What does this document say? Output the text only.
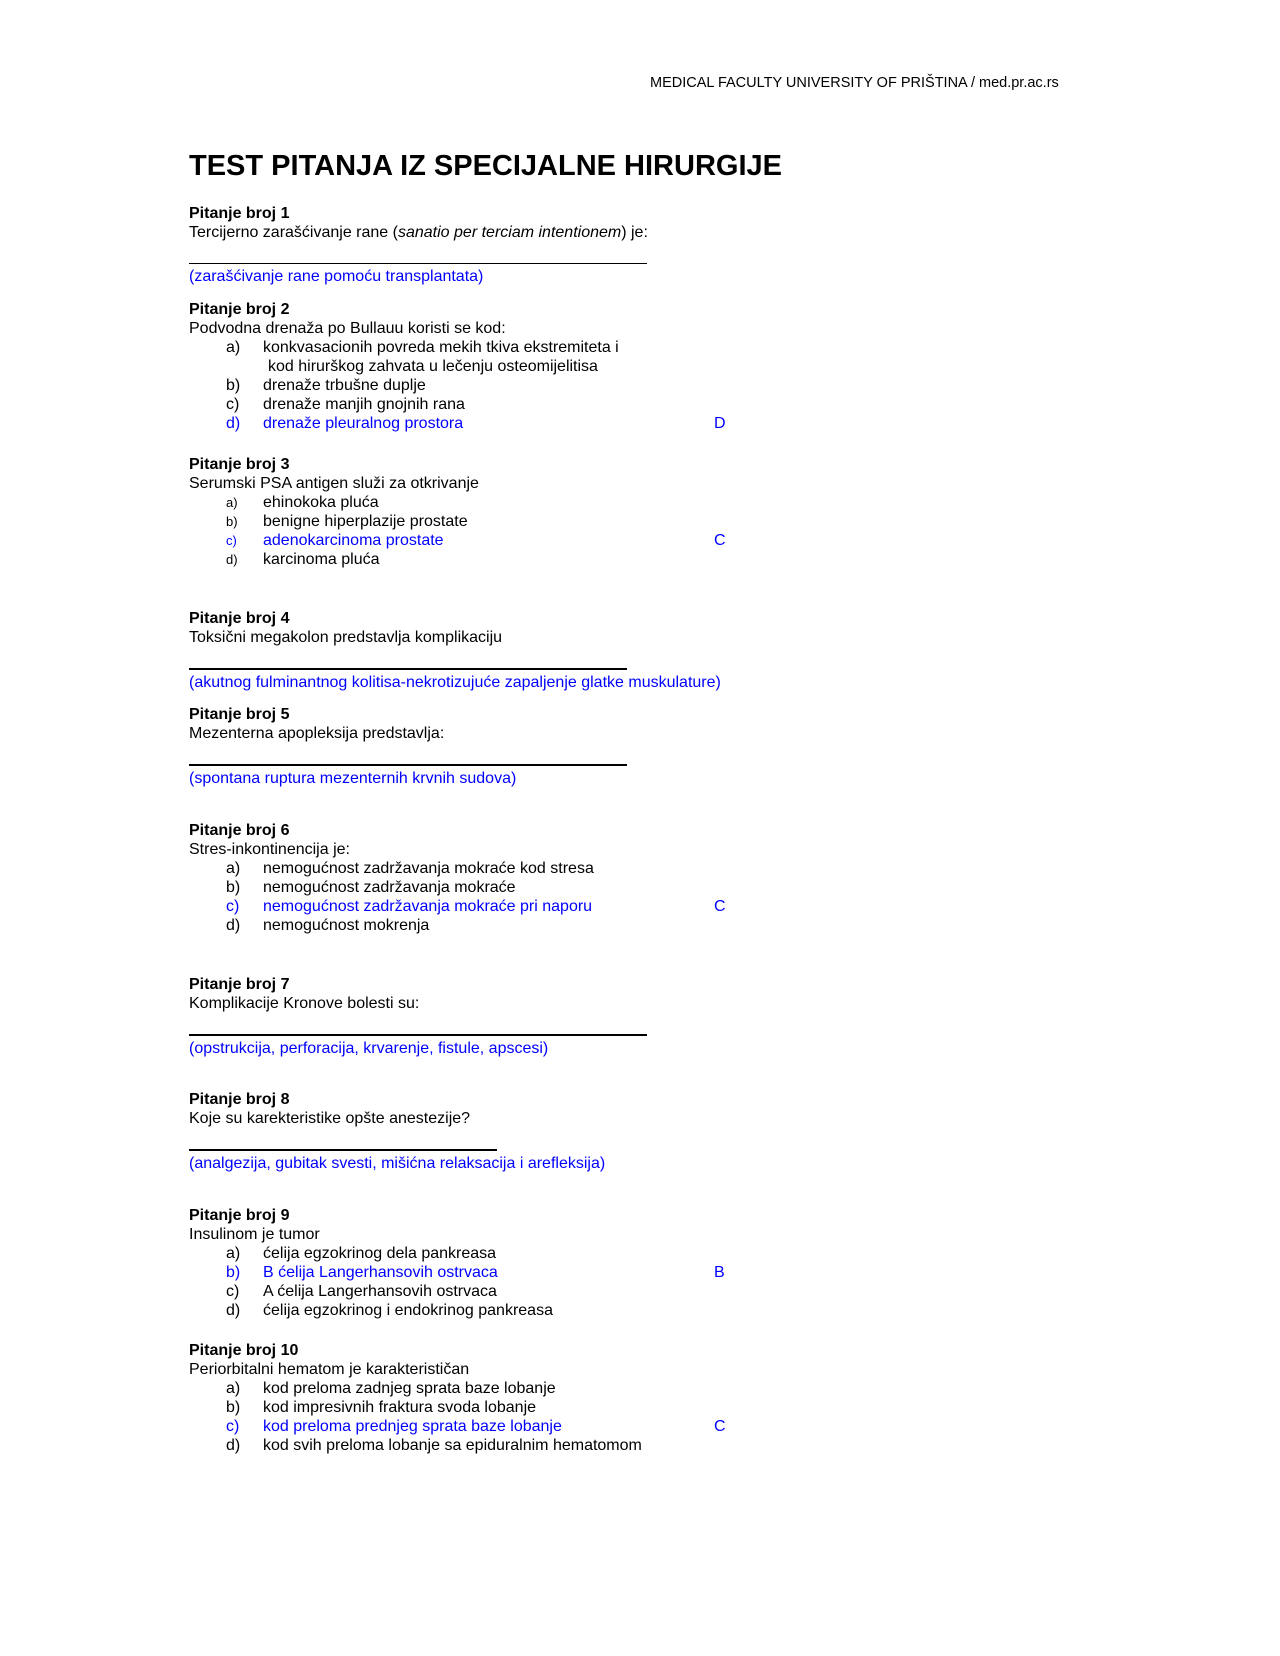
MEDICAL FACULTY UNIVERSITY OF PRIŠTINA / med.pr.ac.rs
TEST PITANJA IZ SPECIJALNE HIRURGIJE
Pitanje broj 1
Tercijerno zarašćivanje rane (sanatio per terciam intentionem) je:
(zarašćivanje rane pomoću transplantata)
Pitanje broj 2
Podvodna drenaža po Bullauu koristi se kod:
a) konkvasacionih povreda mekih tkiva ekstremiteta i
kod hirurškog zahvata u lečenju osteomijelitisa
b) drenaže trbušne duplje
c) drenaže manjih gnojnih rana
d) drenaže pleuralnog prostora	D
Pitanje broj 3
Serumski PSA antigen služi za otkrivanje
a) ehinokoka pluća
b) benigne hiperplazije prostate
c) adenokarcinoma prostate	C
d) karcinoma pluća
Pitanje broj 4
Toksični megakolon predstavlja komplikaciju
(akutnog fulminantnog kolitisa-nekrotizujuće zapaljenje glatke muskulature)
Pitanje broj 5
Mezenterna apopleksija predstavlja:
(spontana ruptura mezenternih krvnih sudova)
Pitanje broj 6
Stres-inkontinencija je:
a) nemogućnost zadržavanja mokraće kod stresa
b) nemogućnost zadržavanja mokraće
c) nemogućnost zadržavanja mokraće pri naporu	C
d) nemogućnost mokrenja
Pitanje broj 7
Komplikacije Kronove bolesti su:
(opstrukcija, perforacija, krvarenje, fistule, apscesi)
Pitanje broj 8
Koje su karekteristike opšte anestezije?
(analgezija, gubitak svesti, mišićna relaksacija i arefleksija)
Pitanje broj 9
Insulinom je tumor
a) ćelija egzokrinog dela pankreasa
b) B ćelija Langerhansovih ostrvaca	B
c) A ćelija Langerhansovih ostrvaca
d) ćelija egzokrinog i endokrinog pankreasa
Pitanje broj 10
Periorbitalni hematom je karakterističan
a) kod preloma zadnjeg sprata baze lobanje
b) kod impresivnih fraktura svoda lobanje
c) kod preloma prednjeg sprata baze lobanje	C
d) kod svih preloma lobanje sa epiduralnim hematomom
